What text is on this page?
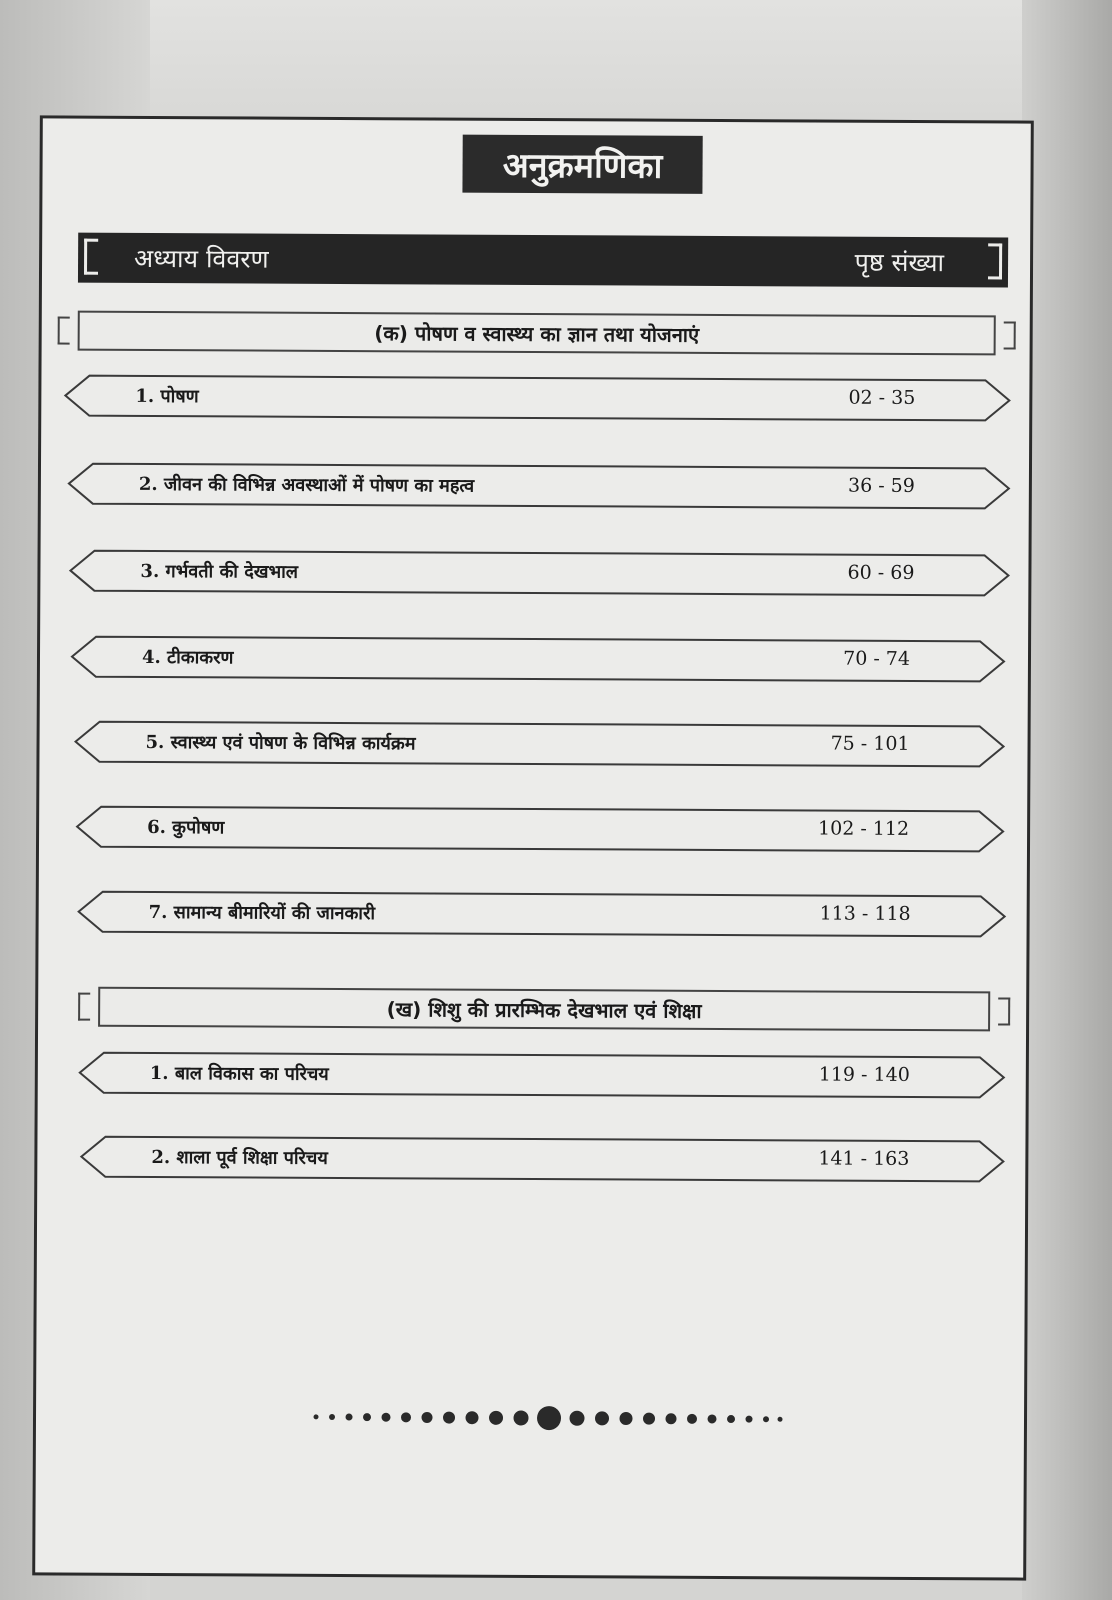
अनुक्रमणिका
अध्याय विवरण	पृष्ठ संख्या
(क) पोषण व स्वास्थ्य का ज्ञान तथा योजनाएं
1. पोषण	02 - 35
2. जीवन की विभिन्न अवस्थाओं में पोषण का महत्व	36 - 59
3. गर्भवती की देखभाल	60 - 69
4. टीकाकरण	70 - 74
5. स्वास्थ्य एवं पोषण के विभिन्न कार्यक्रम	75 - 101
6. कुपोषण	102 - 112
7. सामान्य बीमारियों की जानकारी	113 - 118
(ख) शिशु की प्रारम्भिक देखभाल एवं शिक्षा
1. बाल विकास का परिचय	119 - 140
2. शाला पूर्व शिक्षा परिचय	141 - 163
